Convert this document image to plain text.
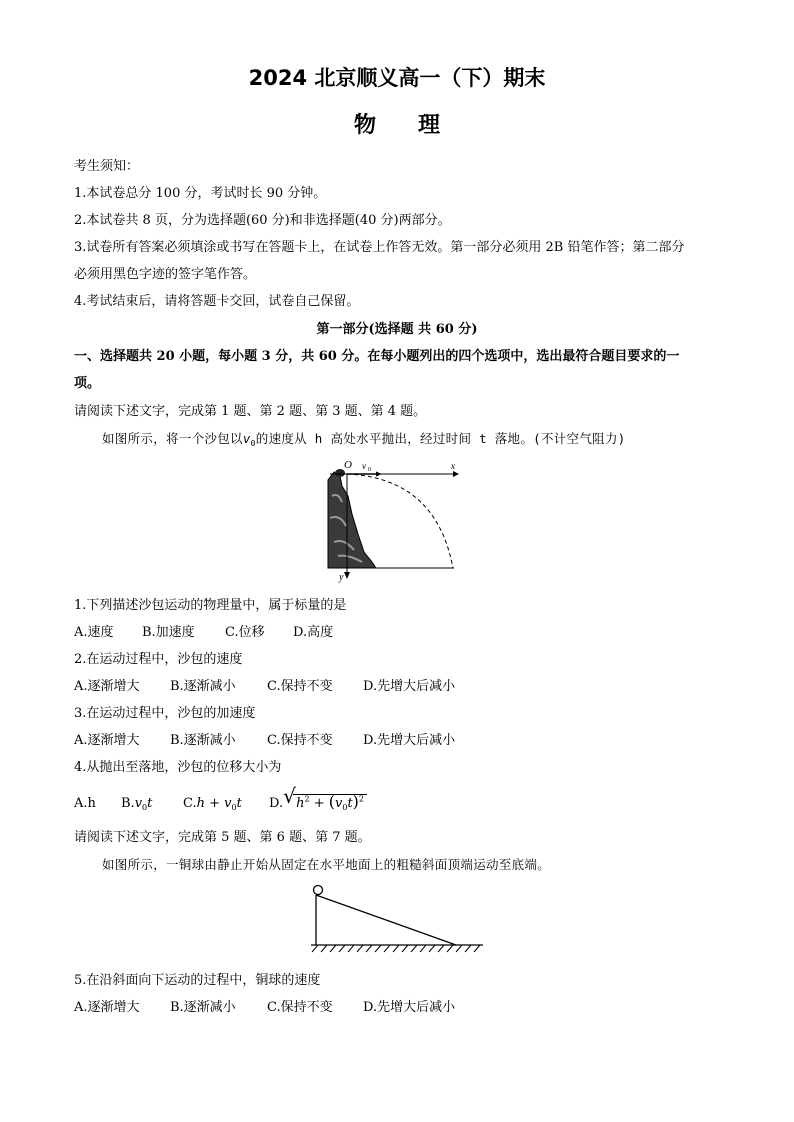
2024 北京顺义高一（下）期末
物 理
考生须知：
1.本试卷总分 100 分，考试时长 90 分钟。
2.本试卷共 8 页，分为选择题(60 分)和非选择题(40 分)两部分。
3.试卷所有答案必须填涂或书写在答题卡上，在试卷上作答无效。第一部分必须用 2B 铅笔作答；第二部分
必须用黑色字迹的签字笔作答。
4.考试结束后，请将答题卡交回，试卷自己保留。
第一部分(选择题 共 60 分)
一、选择题共 20 小题，每小题 3 分，共 60 分。在每小题列出的四个选项中，选出最符合题目要求的一
项。
请阅读下述文字，完成第 1 题、第 2 题、第 3 题、第 4 题。
如图所示，将一个沙包以$v_0$的速度从 h 高处水平抛出，经过时间 t 落地。(不计空气阻力)
O v 0	x
y
1.下列描述沙包运动的物理量中，属于标量的是
A.速度 B.加速度 C.位移 D.高度
2.在运动过程中，沙包的速度
A.逐渐增大 B.逐渐减小 C.保持不变 D.先增大后减小
3.在运动过程中，沙包的加速度
A.逐渐增大 B.逐渐减小 C.保持不变 D.先增大后减小
4.从抛出至落地，沙包的位移大小为
A.h $B.v_0t$ $C.h + v_0t$ D. √ $h^2 + (v_0t)^2$
请阅读下述文字，完成第 5 题、第 6 题、第 7 题。
如图所示，一铜球由静止开始从固定在水平地面上的粗糙斜面顶端运动至底端。
5.在沿斜面向下运动的过程中，铜球的速度
A.逐渐增大 B.逐渐减小 C.保持不变 D.先增大后减小
